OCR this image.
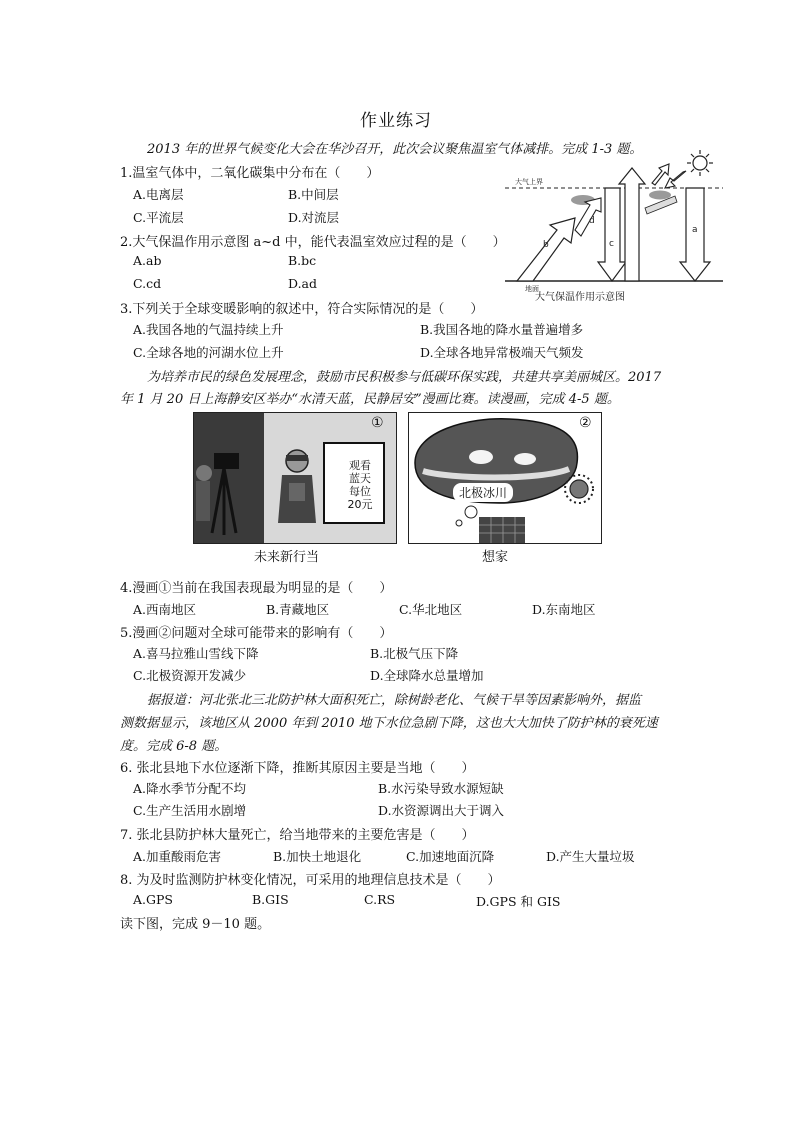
作业练习
2013 年的世界气候变化大会在华沙召开，此次会议聚焦温室气体减排。完成 1-3 题。
1.温室气体中，二氧化碳集中分布在（　　）
A.电离层	B.中间层
C.平流层	D.对流层
2.大气保温作用示意图 a~d 中，能代表温室效应过程的是（　　）
A.ab	B.bc
C.cd	D.ad
大气上界
地面
a
b	c
d
大气保温作用示意图
3.下列关于全球变暖影响的叙述中，符合实际情况的是（　　）
A.我国各地的气温持续上升	B.我国各地的降水量普遍增多
C.全球各地的河湖水位上升	D.全球各地异常极端天气频发
为培养市民的绿色发展理念，鼓励市民积极参与低碳环保实践，共建共享美丽城区。2017
年 1 月 20 日上海静安区举办“水清天蓝，民静居安”漫画比赛。读漫画，完成 4-5 题。
①
观看
蓝天
每位
20元
未来新行当
②
北极冰川
想家
4.漫画①当前在我国表现最为明显的是（　　）
A.西南地区	B.青藏地区	C.华北地区	D.东南地区
5.漫画②问题对全球可能带来的影响有（　　）
A.喜马拉雅山雪线下降	B.北极气压下降
C.北极资源开发减少	D.全球降水总量增加
据报道：河北张北三北防护林大面积死亡，除树龄老化、气候干旱等因素影响外，据监
测数据显示，该地区从 2000 年到 2010 地下水位急剧下降，这也大大加快了防护林的衰死速
度。完成 6-8 题。
6. 张北县地下水位逐渐下降，推断其原因主要是当地（　　）
A.降水季节分配不均	B.水污染导致水源短缺
C.生产生活用水剧增	D.水资源调出大于调入
7. 张北县防护林大量死亡，给当地带来的主要危害是（　　）
A.加重酸雨危害	B.加快土地退化	C.加速地面沉降	D.产生大量垃圾
8. 为及时监测防护林变化情况，可采用的地理信息技术是（　　）
A.GPS	B.GIS	C.RS	D.GPS 和 GIS
读下图，完成 9－10 题。
